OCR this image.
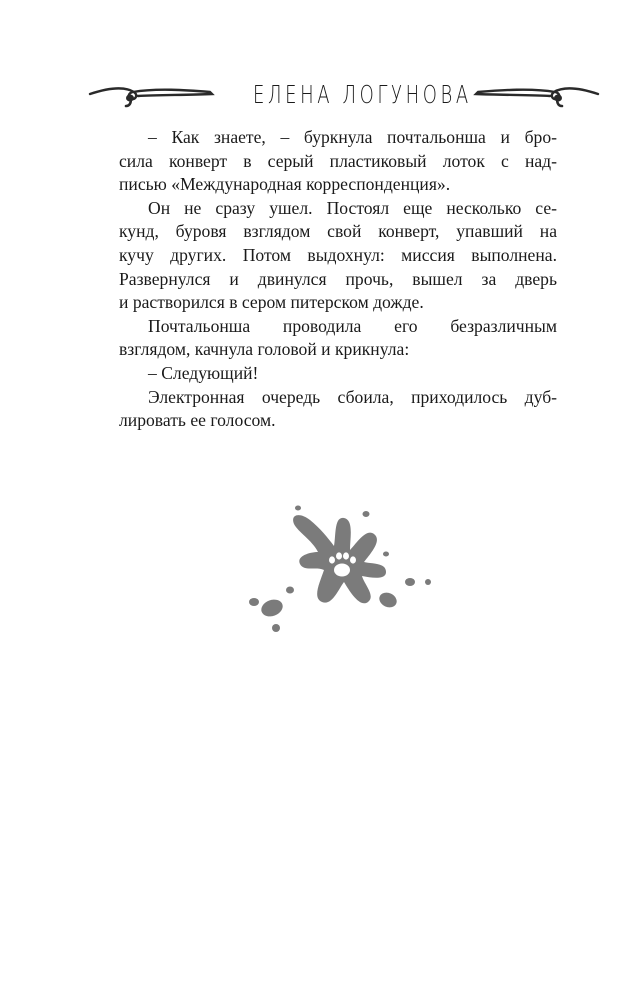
ЕЛЕНА ЛОГУНОВА
– Как знаете, – буркнула почтальонша и бро-
сила конверт в серый пластиковый лоток с над-
писью «Международная корреспонденция».
Он не сразу ушел. Постоял еще несколько се-
кунд, буровя взглядом свой конверт, упавший на
кучу других. Потом выдохнул: миссия выполнена.
Развернулся и двинулся прочь, вышел за дверь
и растворился в сером питерском дожде.
Почтальонша проводила его безразличным
взглядом, качнула головой и крикнула:
– Следующий!
Электронная очередь сбоила, приходилось дуб-
лировать ее голосом.
